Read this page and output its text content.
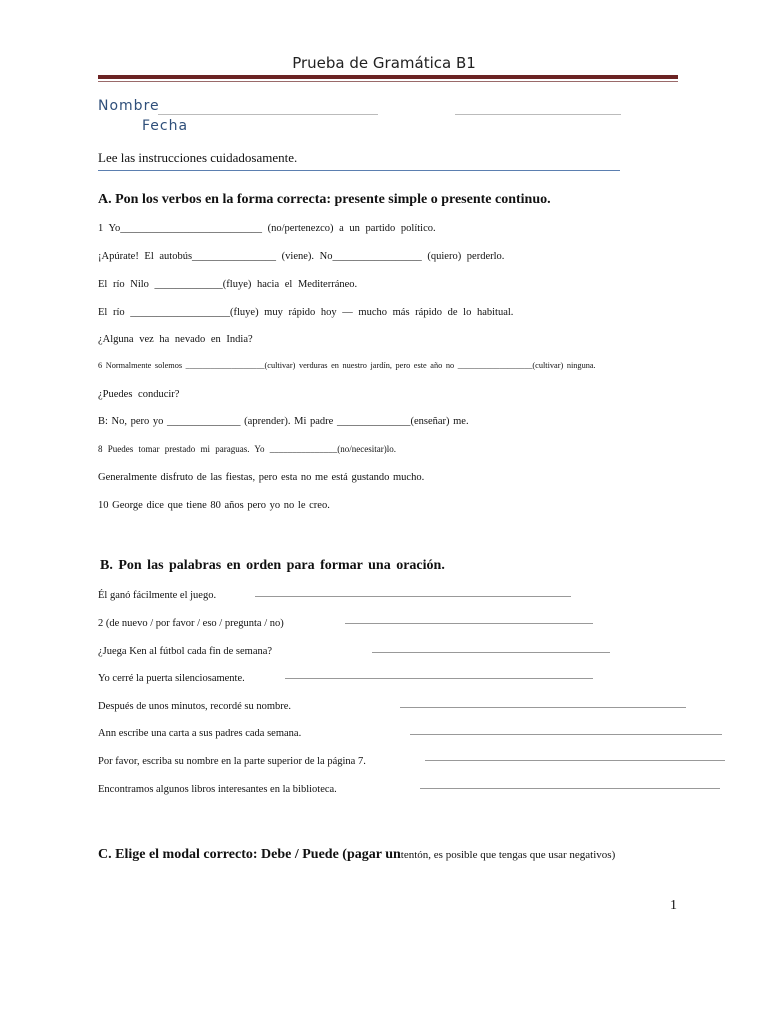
Prueba de Gramática B1
Nombre
Fecha
Lee las instrucciones cuidadosamente.
A. Pon los verbos en la forma correcta: presente simple o presente continuo.
1 Yo___________________________ (no/pertenezco) a un partido político.
¡Apúrate! El autobús________________ (viene). No_________________ (quiero) perderlo.
El río Nilo _____________(fluye) hacia el Mediterráneo.
El río ___________________(fluye) muy rápido hoy — mucho más rápido de lo habitual.
¿Alguna vez ha nevado en India?
6 Normalmente solemos ___________________(cultivar) verduras en nuestro jardín, pero este año no __________________(cultivar) ninguna.
¿Puedes conducir?
B: No, pero yo ______________ (aprender). Mi padre ______________(enseñar) me.
8 Puedes tomar prestado mi paraguas. Yo _______________(no/necesitar)lo.
Generalmente disfruto de las fiestas, pero esta no me está gustando mucho.
10 George dice que tiene 80 años pero yo no le creo.
B. Pon las palabras en orden para formar una oración.
Él ganó fácilmente el juego.
2 (de nuevo / por favor / eso / pregunta / no)
¿Juega Ken al fútbol cada fin de semana?
Yo cerré la puerta silenciosamente.
Después de unos minutos, recordé su nombre.
Ann escribe una carta a sus padres cada semana.
Por favor, escriba su nombre en la parte superior de la página 7.
Encontramos algunos libros interesantes en la biblioteca.
C. Elige el modal correcto: Debe / Puede (pagar untentón, es posible que tengas que usar negativos)
1
